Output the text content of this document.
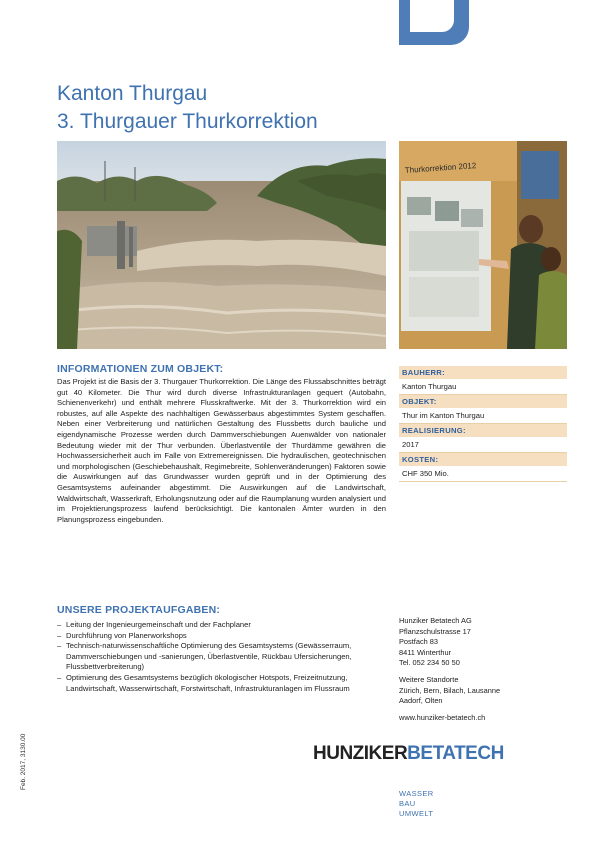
Kanton Thurgau
3. Thurgauer Thurkorrektion
Thurkorrektion 2012
INFORMATIONEN ZUM OBJEKT:
Das Projekt ist die Basis der 3. Thurgauer Thurkorrektion. Die Länge des Flussabschnittes beträgt gut 40 Kilometer. Die Thur wird durch diverse Infrastrukturanlagen gequert (Autobahn, Schienenverkehr) und enthält mehrere Flusskraftwerke. Mit der 3. Thurkorrektion wird ein robustes, auf alle Aspekte des nachhaltigen Gewässerbaus abgestimmtes System geschaffen. Neben einer Verbreiterung und natürlichen Gestaltung des Flussbetts durch bauliche und eigendynamische Prozesse werden durch Dammverschiebungen Auenwälder von nationaler Bedeutung wieder mit der Thur verbunden. Überlastventile der Thurdämme gewähren die Hochwassersicherheit auch im Falle von Extremereignissen. Die hydraulischen, geotechnischen und morphologischen (Geschiebehaushalt, Regimebreite, Sohlenveränderungen) Faktoren sowie die Auswirkungen auf das Grundwasser wurden geprüft und in der Optimierung des Gesamtsystems aufeinander abgestimmt. Die Auswirkungen auf die Landwirtschaft, Waldwirtschaft, Wasserkraft, Erholungsnutzung oder auf die Raumplanung wurden analysiert und im Projektierungsprozess laufend berücksichtigt. Die kantonalen Ämter wurden in den Planungsprozess eingebunden.
BAUHERR:
Kanton Thurgau
OBJEKT:
Thur im Kanton Thurgau
REALISIERUNG:
2017
KOSTEN:
CHF 350 Mio.
UNSERE PROJEKTAUFGABEN:
– Leitung der Ingenieurgemeinschaft und der Fachplaner
– Durchführung von Planerworkshops
– Technisch-naturwissenschaftliche Optimierung des Gesamtsystems (Gewässerraum, Dammverschiebungen und -sanierungen, Überlastventile, Rückbau Ufersicherungen, Flussbettverbreiterung)
– Optimierung des Gesamtsystems bezüglich ökologischer Hotspots, Freizeitnutzung, Landwirtschaft, Wasserwirtschaft, Forstwirtschaft, Infrastrukturanlagen im Flussraum
Hunziker Betatech AG
Pflanzschulstrasse 17
Postfach 83
8411 Winterthur
Tel. 052 234 50 50
Weitere Standorte
Zürich, Bern, Bilach, Lausanne
Aadorf, Olten
www.hunziker-betatech.ch
HUNZIKERBETATECH
WASSER
BAU
UMWELT
Feb. 2017, 3130.00
